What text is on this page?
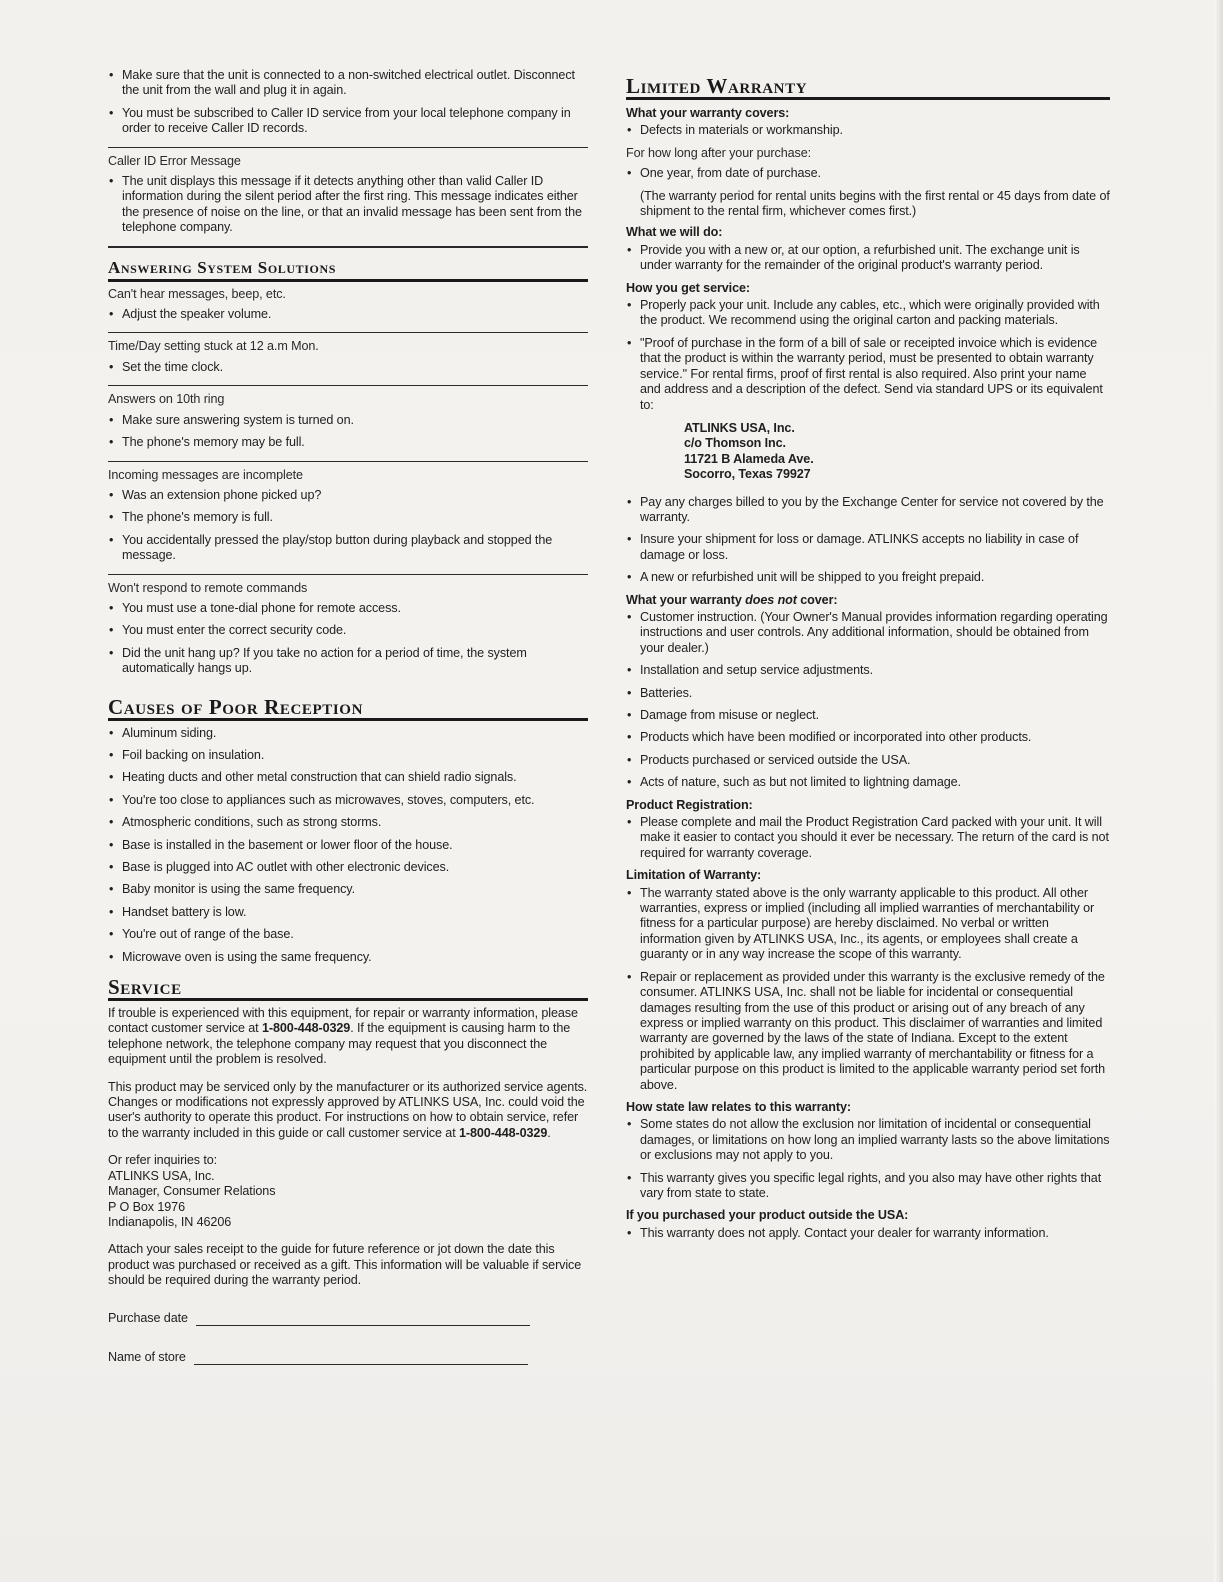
• Make sure that the unit is connected to a non-switched electrical outlet. Disconnect the unit from the wall and plug it in again.
• You must be subscribed to Caller ID service from your local telephone company in order to receive Caller ID records.
Caller ID Error Message
• The unit displays this message if it detects anything other than valid Caller ID information during the silent period after the first ring. This message indicates either the presence of noise on the line, or that an invalid message has been sent from the telephone company.
Answering System Solutions
Can't hear messages, beep, etc.
• Adjust the speaker volume.
Time/Day setting stuck at 12 a.m Mon.
• Set the time clock.
Answers on 10th ring
• Make sure answering system is turned on.
• The phone's memory may be full.
Incoming messages are incomplete
• Was an extension phone picked up?
• The phone's memory is full.
• You accidentally pressed the play/stop button during playback and stopped the message.
Won't respond to remote commands
• You must use a tone-dial phone for remote access.
• You must enter the correct security code.
• Did the unit hang up? If you take no action for a period of time, the system automatically hangs up.
Causes of Poor Reception
• Aluminum siding.
• Foil backing on insulation.
• Heating ducts and other metal construction that can shield radio signals.
• You're too close to appliances such as microwaves, stoves, computers, etc.
• Atmospheric conditions, such as strong storms.
• Base is installed in the basement or lower floor of the house.
• Base is plugged into AC outlet with other electronic devices.
• Baby monitor is using the same frequency.
• Handset battery is low.
• You're out of range of the base.
• Microwave oven is using the same frequency.
Service
If trouble is experienced with this equipment, for repair or warranty information, please contact customer service at 1-800-448-0329. If the equipment is causing harm to the telephone network, the telephone company may request that you disconnect the equipment until the problem is resolved.
This product may be serviced only by the manufacturer or its authorized service agents. Changes or modifications not expressly approved by ATLINKS USA, Inc. could void the user's authority to operate this product. For instructions on how to obtain service, refer to the warranty included in this guide or call customer service at 1-800-448-0329.
Or refer inquiries to:
ATLINKS USA, Inc.
Manager, Consumer Relations
P O Box 1976
Indianapolis, IN 46206
Attach your sales receipt to the guide for future reference or jot down the date this product was purchased or received as a gift. This information will be valuable if service should be required during the warranty period.
Purchase date
Name of store
Limited Warranty
What your warranty covers:
• Defects in materials or workmanship.
For how long after your purchase:
• One year, from date of purchase.
(The warranty period for rental units begins with the first rental or 45 days from date of shipment to the rental firm, whichever comes first.)
What we will do:
• Provide you with a new or, at our option, a refurbished unit. The exchange unit is under warranty for the remainder of the original product's warranty period.
How you get service:
• Properly pack your unit. Include any cables, etc., which were originally provided with the product. We recommend using the original carton and packing materials.
• "Proof of purchase in the form of a bill of sale or receipted invoice which is evidence that the product is within the warranty period, must be presented to obtain warranty service." For rental firms, proof of first rental is also required. Also print your name and address and a description of the defect. Send via standard UPS or its equivalent to:
ATLINKS USA, Inc.
c/o Thomson Inc.
11721 B Alameda Ave.
Socorro, Texas 79927
• Pay any charges billed to you by the Exchange Center for service not covered by the warranty.
• Insure your shipment for loss or damage. ATLINKS accepts no liability in case of damage or loss.
• A new or refurbished unit will be shipped to you freight prepaid.
What your warranty does not cover:
• Customer instruction. (Your Owner's Manual provides information regarding operating instructions and user controls. Any additional information, should be obtained from your dealer.)
• Installation and setup service adjustments.
• Batteries.
• Damage from misuse or neglect.
• Products which have been modified or incorporated into other products.
• Products purchased or serviced outside the USA.
• Acts of nature, such as but not limited to lightning damage.
Product Registration:
• Please complete and mail the Product Registration Card packed with your unit. It will make it easier to contact you should it ever be necessary. The return of the card is not required for warranty coverage.
Limitation of Warranty:
• The warranty stated above is the only warranty applicable to this product. All other warranties, express or implied (including all implied warranties of merchantability or fitness for a particular purpose) are hereby disclaimed. No verbal or written information given by ATLINKS USA, Inc., its agents, or employees shall create a guaranty or in any way increase the scope of this warranty.
• Repair or replacement as provided under this warranty is the exclusive remedy of the consumer. ATLINKS USA, Inc. shall not be liable for incidental or consequential damages resulting from the use of this product or arising out of any breach of any express or implied warranty on this product. This disclaimer of warranties and limited warranty are governed by the laws of the state of Indiana. Except to the extent prohibited by applicable law, any implied warranty of merchantability or fitness for a particular purpose on this product is limited to the applicable warranty period set forth above.
How state law relates to this warranty:
• Some states do not allow the exclusion nor limitation of incidental or consequential damages, or limitations on how long an implied warranty lasts so the above limitations or exclusions may not apply to you.
• This warranty gives you specific legal rights, and you also may have other rights that vary from state to state.
If you purchased your product outside the USA:
• This warranty does not apply. Contact your dealer for warranty information.
